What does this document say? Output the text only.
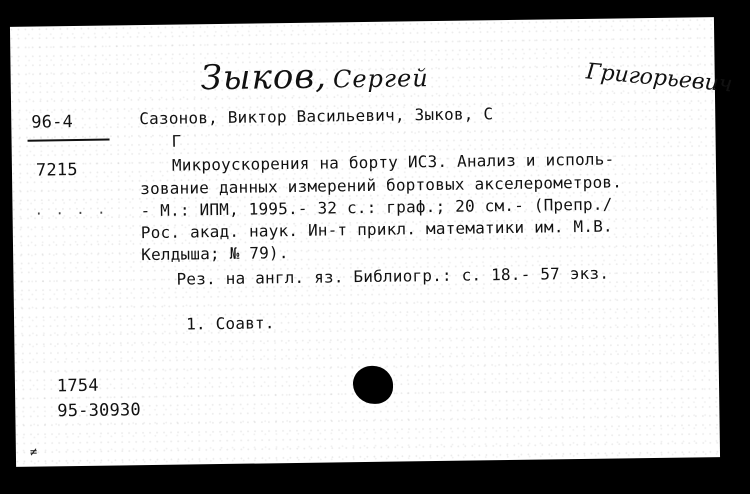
Зыков, Сергей	Григорьевич
96-4
7215
. . . .
Сазонов, Виктор Васильевич, Зыков, С
Г
Микроускорения на борту ИСЗ. Анализ и исполь-
зование данных измерений бортовых акселерометров.
- М.: ИПМ, 1995.- 32 с.: граф.; 20 см.- (Препр./
Рос. акад. наук. Ин-т прикл. математики им. М.В.
Келдыша; № 79).
Рез. на англ. яз. Библиогр.: с. 18.- 57 экз.
1. Соавт.
1754
95-30930
≠
